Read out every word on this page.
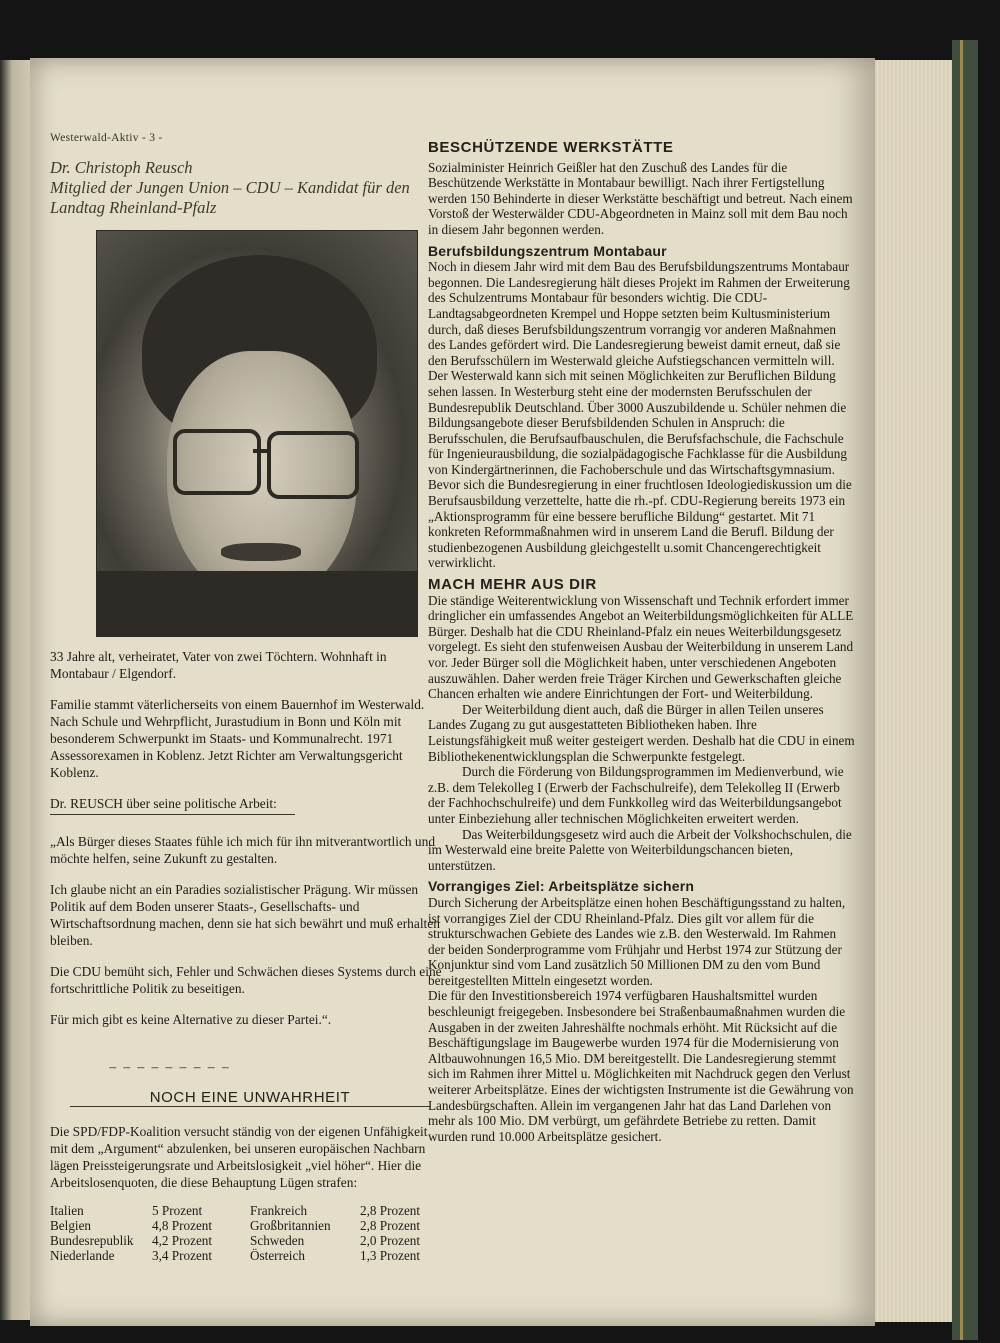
Westerwald-Aktiv - 3 -
Dr. Christoph Reusch
Mitglied der Jungen Union – CDU – Kandidat für den Landtag Rheinland-Pfalz

33 Jahre alt, verheiratet, Vater von zwei Töchtern. Wohnhaft in Montabaur / Elgendorf.

Familie stammt väterlicherseits von einem Bauernhof im Westerwald. Nach Schule und Wehrpflicht, Jurastudium in Bonn und Köln mit besonderem Schwerpunkt im Staats- und Kommunalrecht. 1971 Assessorexamen in Koblenz. Jetzt Richter am Verwaltungsgericht Koblenz.

Dr. REUSCH über seine politische Arbeit:

„Als Bürger dieses Staates fühle ich mich für ihn mitverantwortlich und möchte helfen, seine Zukunft zu gestalten.

Ich glaube nicht an ein Paradies sozialistischer Prägung. Wir müssen Politik auf dem Boden unserer Staats-, Gesellschafts- und Wirtschaftsordnung machen, denn sie hat sich bewährt und muß erhalten bleiben.

Die CDU bemüht sich, Fehler und Schwächen dieses Systems durch eine fortschrittliche Politik zu beseitigen.

Für mich gibt es keine Alternative zu dieser Partei.“.

– – – – – – – – –

NOCH EINE UNWAHRHEIT

Die SPD/FDP-Koalition versucht ständig von der eigenen Unfähigkeit mit dem „Argument“ abzulenken, bei unseren europäischen Nachbarn lägen Preissteigerungsrate und Arbeitslosigkeit „viel höher“. Hier die Arbeitslosenquoten, die diese Behauptung Lügen strafen:

Italien	5 Prozent	Frankreich	2,8 Prozent
Belgien	4,8 Prozent	Großbritannien	2,8 Prozent
Bundesrepublik	4,2 Prozent	Schweden	2,0 Prozent
Niederlande	3,4 Prozent	Österreich	1,3 Prozent
BESCHÜTZENDE WERKSTÄTTE

Sozialminister Heinrich Geißler hat den Zuschuß des Landes für die Beschützende Werkstätte in Montabaur bewilligt. Nach ihrer Fertigstellung werden 150 Behinderte in dieser Werkstätte beschäftigt und betreut. Nach einem Vorstoß der Westerwälder CDU-Abgeordneten in Mainz soll mit dem Bau noch in diesem Jahr begonnen werden.

Berufsbildungszentrum Montabaur

Noch in diesem Jahr wird mit dem Bau des Berufsbildungszentrums Montabaur begonnen. Die Landesregierung hält dieses Projekt im Rahmen der Erweiterung des Schulzentrums Montabaur für besonders wichtig. Die CDU-Landtagsabgeordneten Krempel und Hoppe setzten beim Kultusministerium durch, daß dieses Berufsbildungszentrum vorrangig vor anderen Maßnahmen des Landes gefördert wird. Die Landesregierung beweist damit erneut, daß sie den Berufsschülern im Westerwald gleiche Aufstiegschancen vermitteln will.

Der Westerwald kann sich mit seinen Möglichkeiten zur Beruflichen Bildung sehen lassen. In Westerburg steht eine der modernsten Berufsschulen der Bundesrepublik Deutschland. Über 3000 Auszubildende u. Schüler nehmen die Bildungsangebote dieser Berufsbildenden Schulen in Anspruch: die Berufsschulen, die Berufsaufbauschulen, die Berufsfachschule, die Fachschule für Ingenieurausbildung, die sozialpädagogische Fachklasse für die Ausbildung von Kindergärtnerinnen, die Fachoberschule und das Wirtschaftsgymnasium. Bevor sich die Bundesregierung in einer fruchtlosen Ideologiediskussion um die Berufsausbildung verzettelte, hatte die rh.-pf. CDU-Regierung bereits 1973 ein „Aktionsprogramm für eine bessere berufliche Bildung“ gestartet. Mit 71 konkreten Reformmaßnahmen wird in unserem Land die Berufl. Bildung der studienbezogenen Ausbildung gleichgestellt u.somit Chancengerechtigkeit verwirklicht.

MACH MEHR AUS DIR

Die ständige Weiterentwicklung von Wissenschaft und Technik erfordert immer dringlicher ein umfassendes Angebot an Weiterbildungsmöglichkeiten für ALLE Bürger. Deshalb hat die CDU Rheinland-Pfalz ein neues Weiterbildungsgesetz vorgelegt. Es sieht den stufenweisen Ausbau der Weiterbildung in unserem Land vor. Jeder Bürger soll die Möglichkeit haben, unter verschiedenen Angeboten auszuwählen. Daher werden freie Träger Kirchen und Gewerkschaften gleiche Chancen erhalten wie andere Einrichtungen der Fort- und Weiterbildung.

Der Weiterbildung dient auch, daß die Bürger in allen Teilen unseres Landes Zugang zu gut ausgestatteten Bibliotheken haben. Ihre Leistungsfähigkeit muß weiter gesteigert werden. Deshalb hat die CDU in einem Bibliothekenentwicklungsplan die Schwerpunkte festgelegt.

Durch die Förderung von Bildungsprogrammen im Medienverbund, wie z.B. dem Telekolleg I (Erwerb der Fachschulreife), dem Telekolleg II (Erwerb der Fachhochschulreife) und dem Funkkolleg wird das Weiterbildungsangebot unter Einbeziehung aller technischen Möglichkeiten erweitert werden.

Das Weiterbildungsgesetz wird auch die Arbeit der Volkshochschulen, die im Westerwald eine breite Palette von Weiterbildungschancen bieten, unterstützen.

Vorrangiges Ziel: Arbeitsplätze sichern

Durch Sicherung der Arbeitsplätze einen hohen Beschäftigungsstand zu halten, ist vorrangiges Ziel der CDU Rheinland-Pfalz. Dies gilt vor allem für die strukturschwachen Gebiete des Landes wie z.B. den Westerwald. Im Rahmen der beiden Sonderprogramme vom Frühjahr und Herbst 1974 zur Stützung der Konjunktur sind vom Land zusätzlich 50 Millionen DM zu den vom Bund bereitgestellten Mitteln eingesetzt worden.

Die für den Investitionsbereich 1974 verfügbaren Haushaltsmittel wurden beschleunigt freigegeben. Insbesondere bei Straßenbaumaßnahmen wurden die Ausgaben in der zweiten Jahreshälfte nochmals erhöht. Mit Rücksicht auf die Beschäftigungslage im Baugewerbe wurden 1974 für die Modernisierung von Altbauwohnungen 16,5 Mio. DM bereitgestellt. Die Landesregierung stemmt sich im Rahmen ihrer Mittel u. Möglichkeiten mit Nachdruck gegen den Verlust weiterer Arbeitsplätze. Eines der wichtigsten Instrumente ist die Gewährung von Landesbürgschaften. Allein im vergangenen Jahr hat das Land Darlehen von mehr als 100 Mio. DM verbürgt, um gefährdete Betriebe zu retten. Damit wurden rund 10.000 Arbeitsplätze gesichert.
